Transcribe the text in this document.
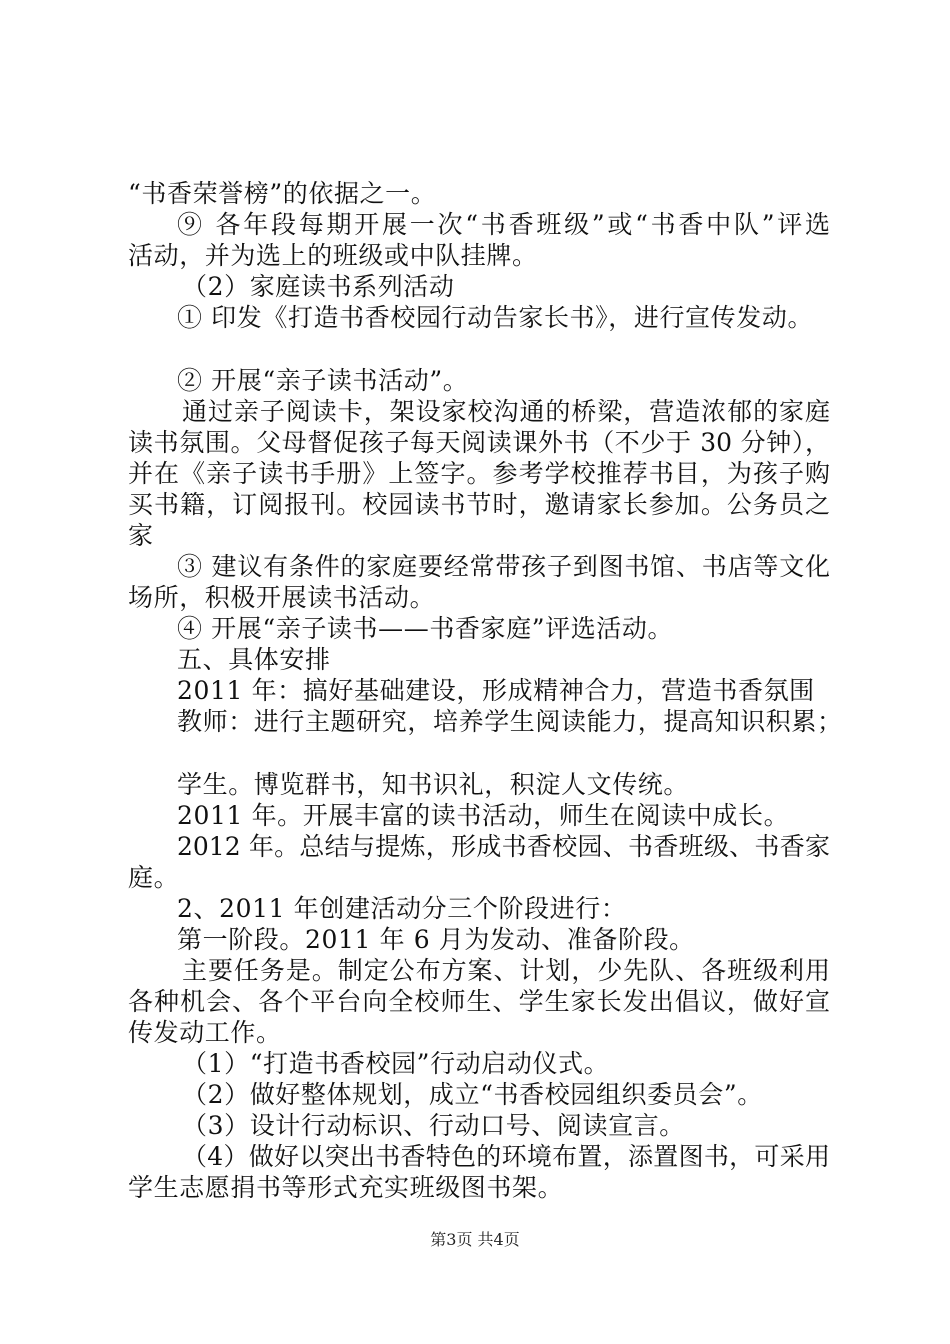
“书香荣誉榜”的依据之一。
⑨ 各年段每期开展一次“书香班级”或“书香中队”评选
活动，并为选上的班级或中队挂牌。
（2）家庭读书系列活动
① 印发《打造书香校园行动告家长书》，进行宣传发动。
② 开展“亲子读书活动”。
通过亲子阅读卡，架设家校沟通的桥梁，营造浓郁的家庭
读书氛围。父母督促孩子每天阅读课外书（不少于 30 分钟），
并在《亲子读书手册》上签字。参考学校推荐书目，为孩子购
买书籍，订阅报刊。校园读书节时，邀请家长参加。公务员之
家
③ 建议有条件的家庭要经常带孩子到图书馆、书店等文化
场所，积极开展读书活动。
④ 开展“亲子读书——书香家庭”评选活动。
五、具体安排
2011 年：搞好基础建设，形成精神合力，营造书香氛围
教师：进行主题研究，培养学生阅读能力，提高知识积累；
学生。博览群书，知书识礼，积淀人文传统。
2011 年。开展丰富的读书活动，师生在阅读中成长。
2012 年。总结与提炼，形成书香校园、书香班级、书香家
庭。
2、2011 年创建活动分三个阶段进行：
第一阶段。2011 年 6 月为发动、准备阶段。
主要任务是。制定公布方案、计划，少先队、各班级利用
各种机会、各个平台向全校师生、学生家长发出倡议，做好宣
传发动工作。
（1）“打造书香校园”行动启动仪式。
（2）做好整体规划，成立“书香校园组织委员会”。
（3）设计行动标识、行动口号、阅读宣言。
（4）做好以突出书香特色的环境布置，添置图书，可采用
学生志愿捐书等形式充实班级图书架。
第3页 共4页
